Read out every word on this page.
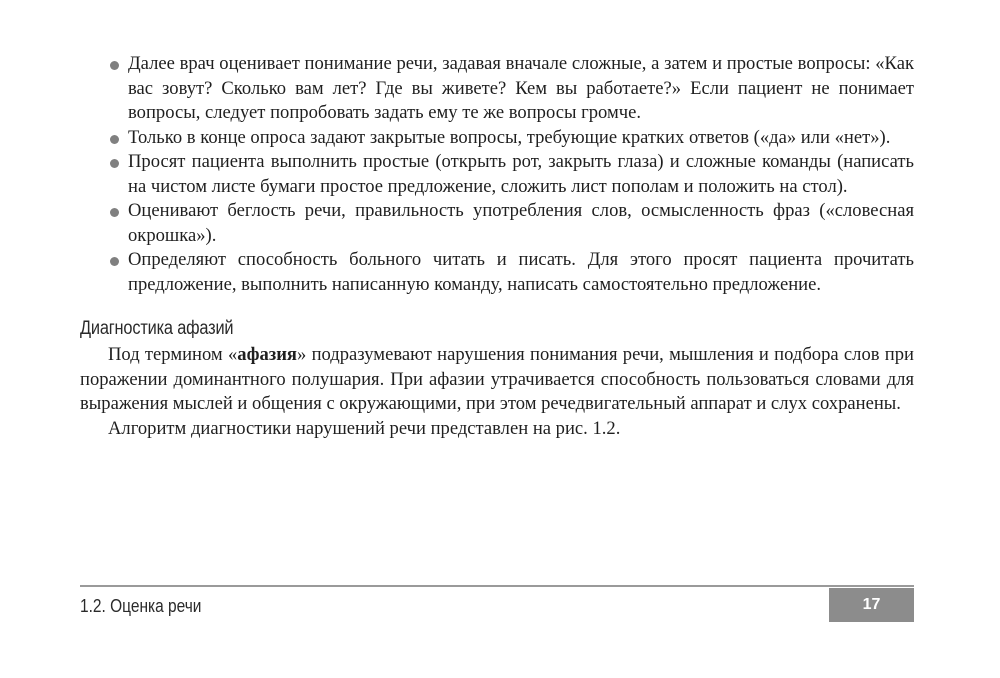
Далее врач оценивает понимание речи, задавая вначале сложные, а затем и простые вопросы: «Как вас зовут? Сколько вам лет? Где вы живете? Кем вы работаете?» Если пациент не понимает вопросы, следует попробовать задать ему те же вопросы громче.
Только в конце опроса задают закрытые вопросы, требующие кратких ответов («да» или «нет»).
Просят пациента выполнить простые (открыть рот, закрыть глаза) и сложные команды (написать на чистом листе бумаги простое предложение, сложить лист пополам и положить на стол).
Оценивают беглость речи, правильность употребления слов, осмысленность фраз («словесная окрошка»).
Определяют способность больного читать и писать. Для этого просят пациента прочитать предложение, выполнить написанную команду, написать самостоятельно предложение.
Диагностика афазий

Под термином «афазия» подразумевают нарушения понимания речи, мышления и подбора слов при поражении доминантного полушария. При афазии утрачивается способность пользоваться словами для выражения мыслей и общения с окружающими, при этом речедвигательный аппарат и слух сохранены.

Алгоритм диагностики нарушений речи представлен на рис. 1.2.

1.2. Оценка речи	17
